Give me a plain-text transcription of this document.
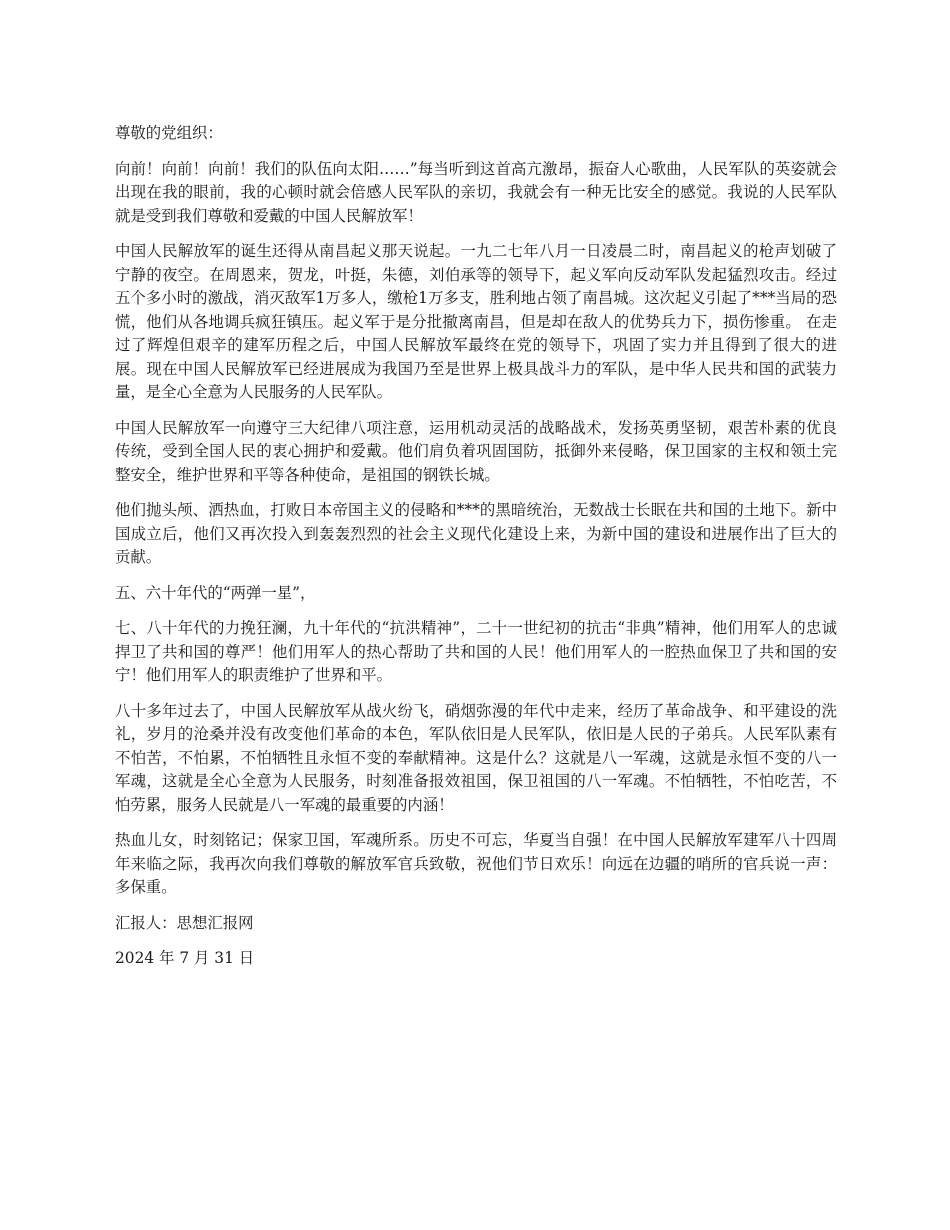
尊敬的党组织：

向前！向前！向前！我们的队伍向太阳……”每当听到这首高亢激昂，振奋人心歌曲，人民军队的英姿就会出现在我的眼前，我的心顿时就会倍感人民军队的亲切，我就会有一种无比安全的感觉。我说的人民军队就是受到我们尊敬和爱戴的中国人民解放军！

中国人民解放军的诞生还得从南昌起义那天说起。一九二七年八月一日凌晨二时，南昌起义的枪声划破了宁静的夜空。在周恩来，贺龙，叶挺，朱德，刘伯承等的领导下，起义军向反动军队发起猛烈攻击。经过五个多小时的激战，消灭敌军1万多人，缴枪1万多支，胜利地占领了南昌城。这次起义引起了***当局的恐慌，他们从各地调兵疯狂镇压。起义军于是分批撤离南昌，但是却在敌人的优势兵力下，损伤惨重。 在走过了辉煌但艰辛的建军历程之后，中国人民解放军最终在党的领导下，巩固了实力并且得到了很大的进展。现在中国人民解放军已经进展成为我国乃至是世界上极具战斗力的军队，是中华人民共和国的武装力量，是全心全意为人民服务的人民军队。

中国人民解放军一向遵守三大纪律八项注意，运用机动灵活的战略战术，发扬英勇坚韧，艰苦朴素的优良传统，受到全国人民的衷心拥护和爱戴。他们肩负着巩固国防，抵御外来侵略，保卫国家的主权和领土完整安全，维护世界和平等各种使命，是祖国的钢铁长城。

他们抛头颅、洒热血，打败日本帝国主义的侵略和***的黑暗统治，无数战士长眠在共和国的土地下。新中国成立后，他们又再次投入到轰轰烈烈的社会主义现代化建设上来，为新中国的建设和进展作出了巨大的贡献。

五、六十年代的“两弹一星”，

七、八十年代的力挽狂澜，九十年代的“抗洪精神”，二十一世纪初的抗击“非典”精神，他们用军人的忠诚捍卫了共和国的尊严！他们用军人的热心帮助了共和国的人民！他们用军人的一腔热血保卫了共和国的安宁！他们用军人的职责维护了世界和平。

八十多年过去了，中国人民解放军从战火纷飞，硝烟弥漫的年代中走来，经历了革命战争、和平建设的洗礼，岁月的沧桑并没有改变他们革命的本色，军队依旧是人民军队，依旧是人民的子弟兵。人民军队素有不怕苦，不怕累，不怕牺牲且永恒不变的奉献精神。这是什么？这就是八一军魂，这就是永恒不变的八一军魂，这就是全心全意为人民服务，时刻准备报效祖国，保卫祖国的八一军魂。不怕牺牲，不怕吃苦，不怕劳累，服务人民就是八一军魂的最重要的内涵！

热血儿女，时刻铭记；保家卫国，军魂所系。历史不可忘，华夏当自强！在中国人民解放军建军八十四周年来临之际，我再次向我们尊敬的解放军官兵致敬，祝他们节日欢乐！向远在边疆的哨所的官兵说一声：多保重。

汇报人：思想汇报网

2024 年 7 月 31 日
